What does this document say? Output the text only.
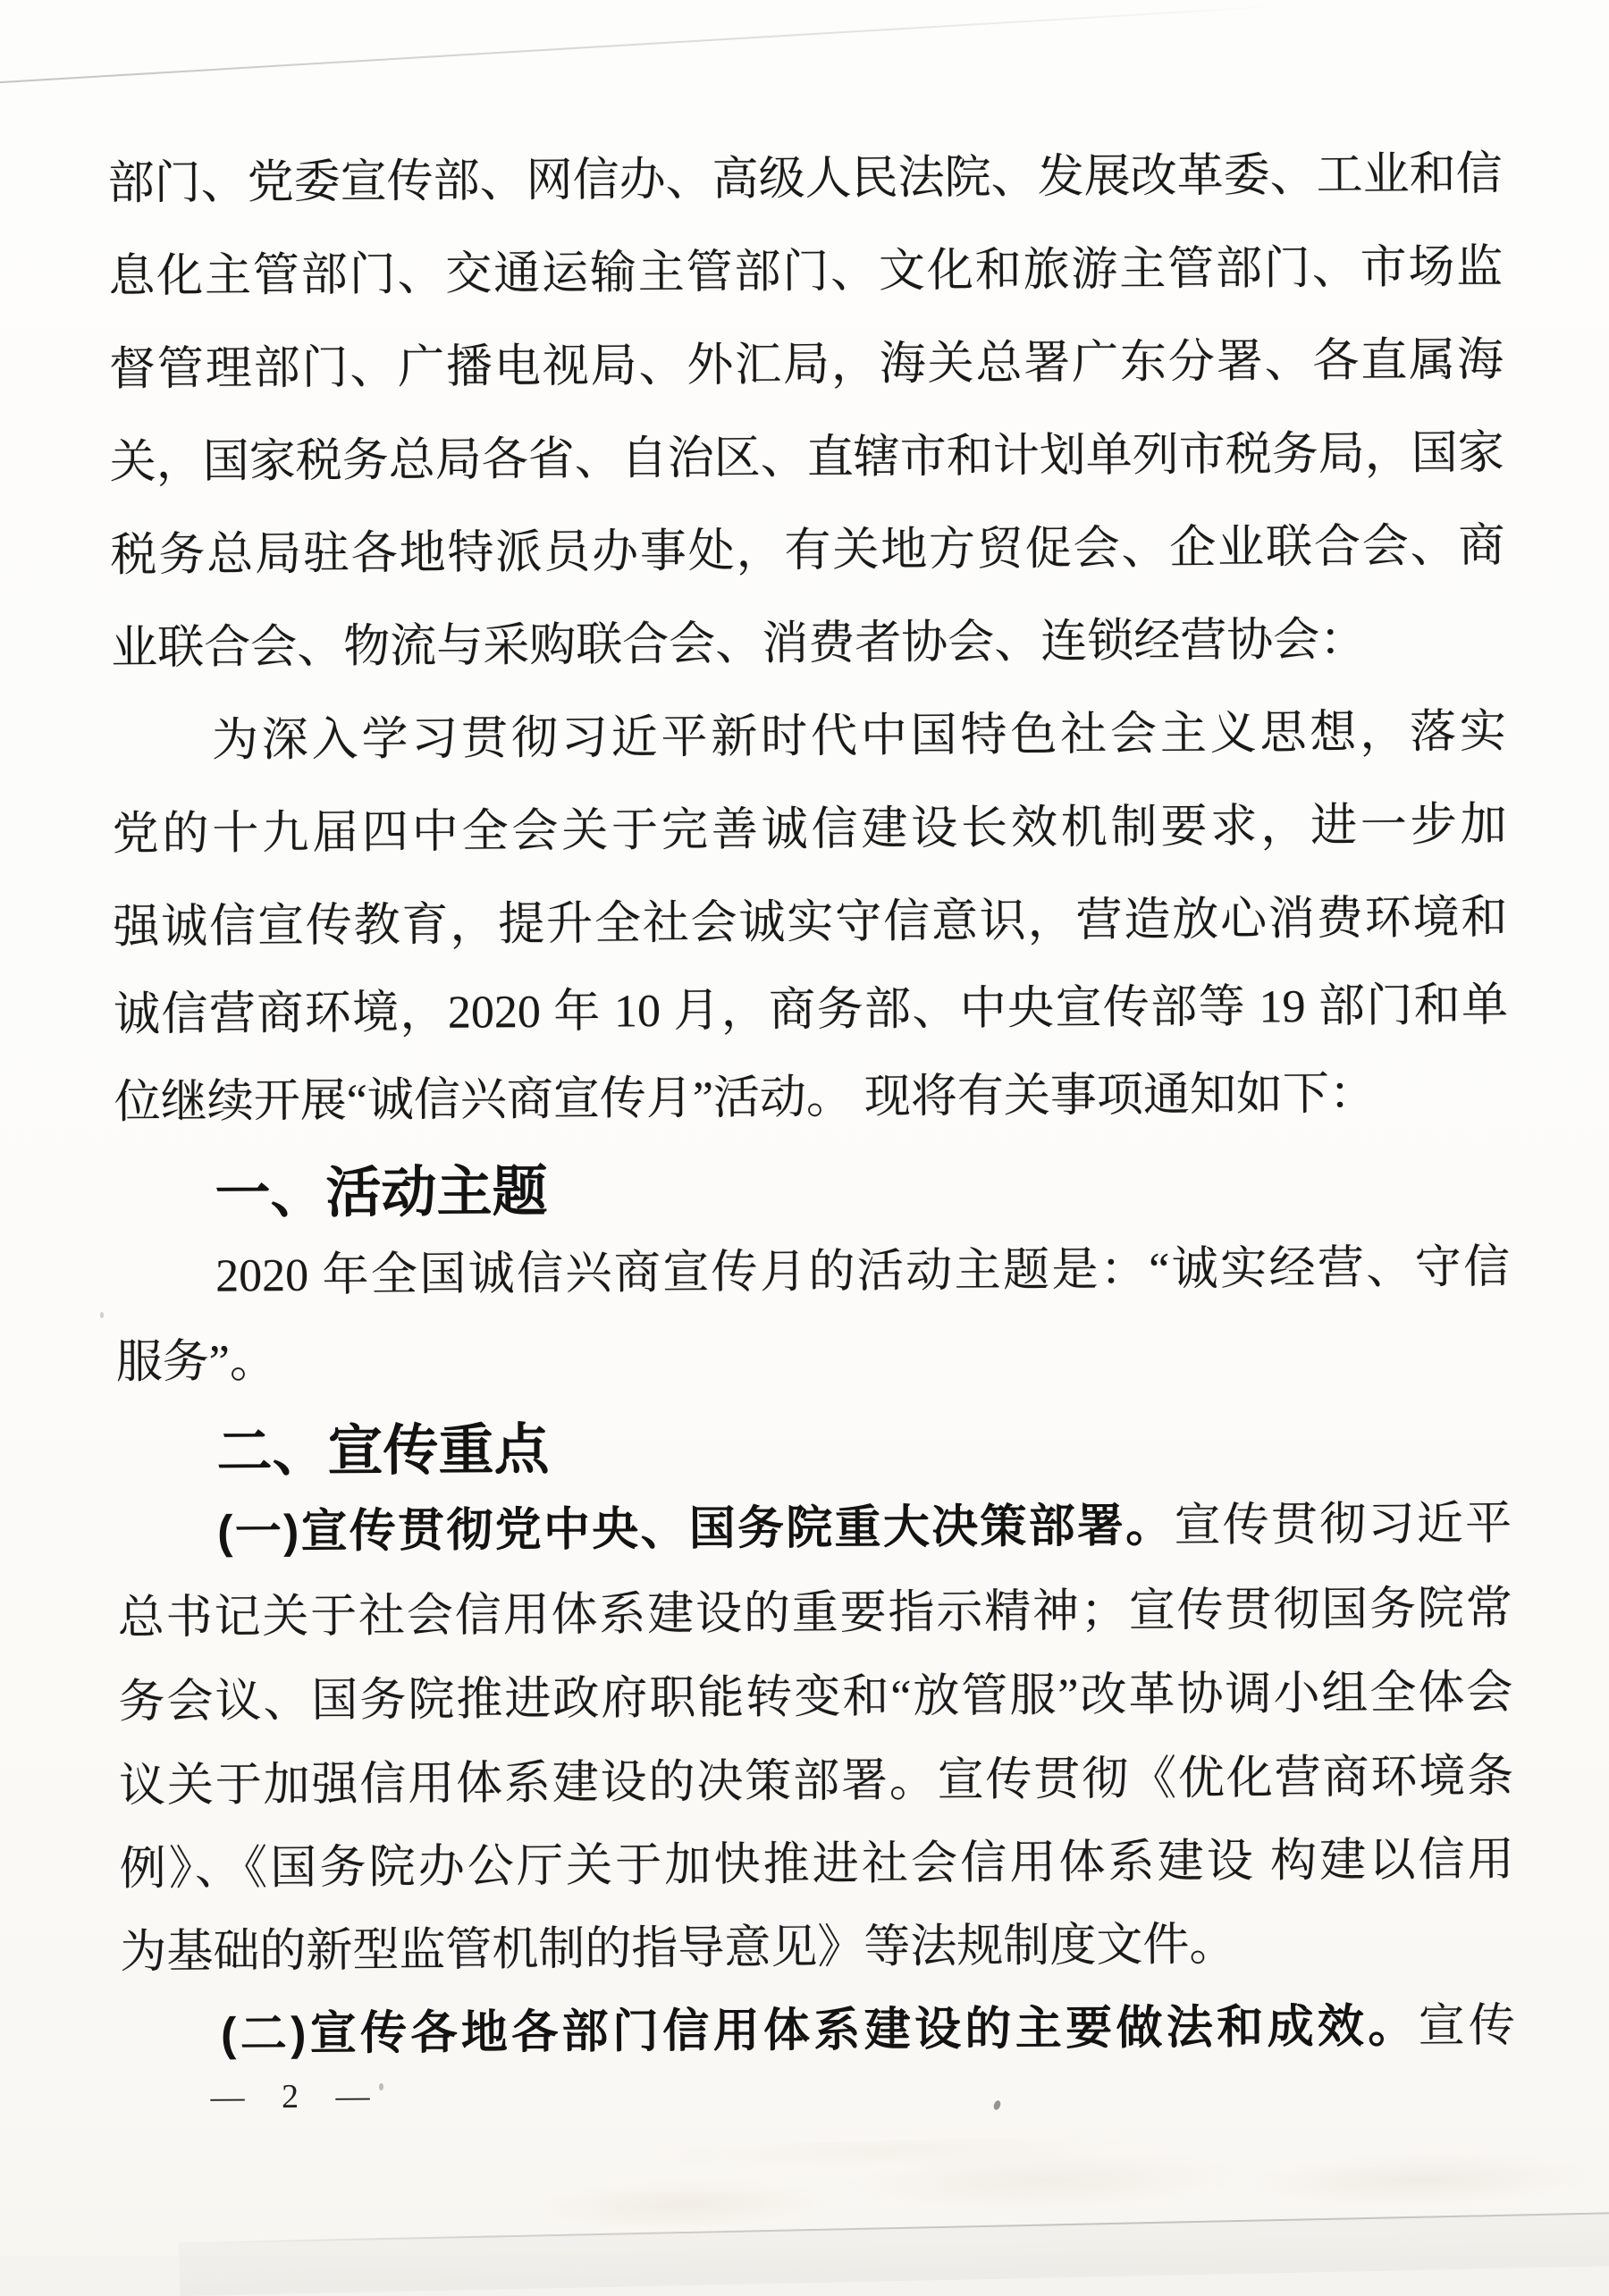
部门、党委宣传部、网信办、高级人民法院、发展改革委、工业和信
息化主管部门、交通运输主管部门、文化和旅游主管部门、市场监
督管理部门、广播电视局、外汇局，海关总署广东分署、各直属海
关，国家税务总局各省、自治区、直辖市和计划单列市税务局，国家
税务总局驻各地特派员办事处，有关地方贸促会、企业联合会、商
业联合会、物流与采购联合会、消费者协会、连锁经营协会：
为深入学习贯彻习近平新时代中国特色社会主义思想，落实
党的十九届四中全会关于完善诚信建设长效机制要求，进一步加
强诚信宣传教育，提升全社会诚实守信意识，营造放心消费环境和
诚信营商环境，2020 年 10 月，商务部、中央宣传部等 19 部门和单
位继续开展“诚信兴商宣传月”活动。 现将有关事项通知如下：
一、活动主题
2020 年全国诚信兴商宣传月的活动主题是：“诚实经营、守信
服务”。
二、宣传重点
(一)宣传贯彻党中央、国务院重大决策部署。宣传贯彻习近平
总书记关于社会信用体系建设的重要指示精神；宣传贯彻国务院常
务会议、国务院推进政府职能转变和“放管服”改革协调小组全体会
议关于加强信用体系建设的决策部署。宣传贯彻《优化营商环境条
例》、《国务院办公厅关于加快推进社会信用体系建设 构建以信用
为基础的新型监管机制的指导意见》等法规制度文件。
(二)宣传各地各部门信用体系建设的主要做法和成效。宣传
— 2 —
